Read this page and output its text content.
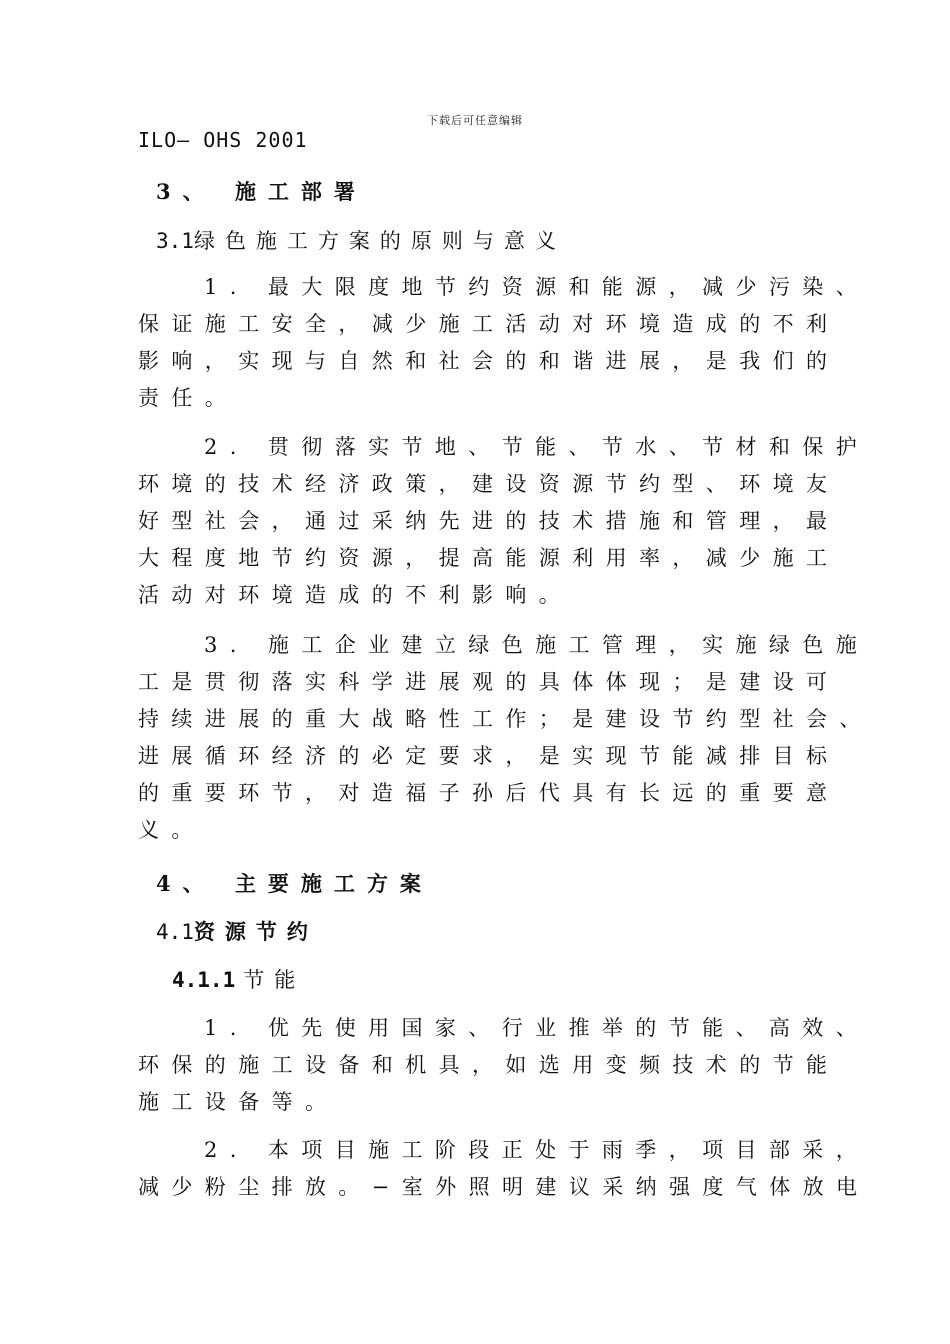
下载后可任意编辑
ILO— OHS 2001
3、 施工部署
3.1绿色施工方案的原则与意义

1. 最大限度地节约资源和能源，减少污染、
保证施工安全，减少施工活动对环境造成的不利
影响，实现与自然和社会的和谐进展，是我们的
责任。

2. 贯彻落实节地、节能、节水、节材和保护
环境的技术经济政策，建设资源节约型、环境友
好型社会，通过采纳先进的技术措施和管理，最
大程度地节约资源，提高能源利用率，减少施工
活动对环境造成的不利影响。

3. 施工企业建立绿色施工管理，实施绿色施
工是贯彻落实科学进展观的具体体现；是建设可
持续进展的重大战略性工作；是建设节约型社会、
进展循环经济的必定要求，是实现节能减排目标
的重要环节，对造福子孙后代具有长远的重要意
义。

4、 主要施工方案
4.1资源节约
4.1.1 节能

1. 优先使用国家、行业推举的节能、高效、
环保的施工设备和机具，如选用变频技术的节能
施工设备等。

2. 本项目施工阶段正处于雨季，项目部采，
减少粉尘排放。−室外照明建议采纳强度气体放电
